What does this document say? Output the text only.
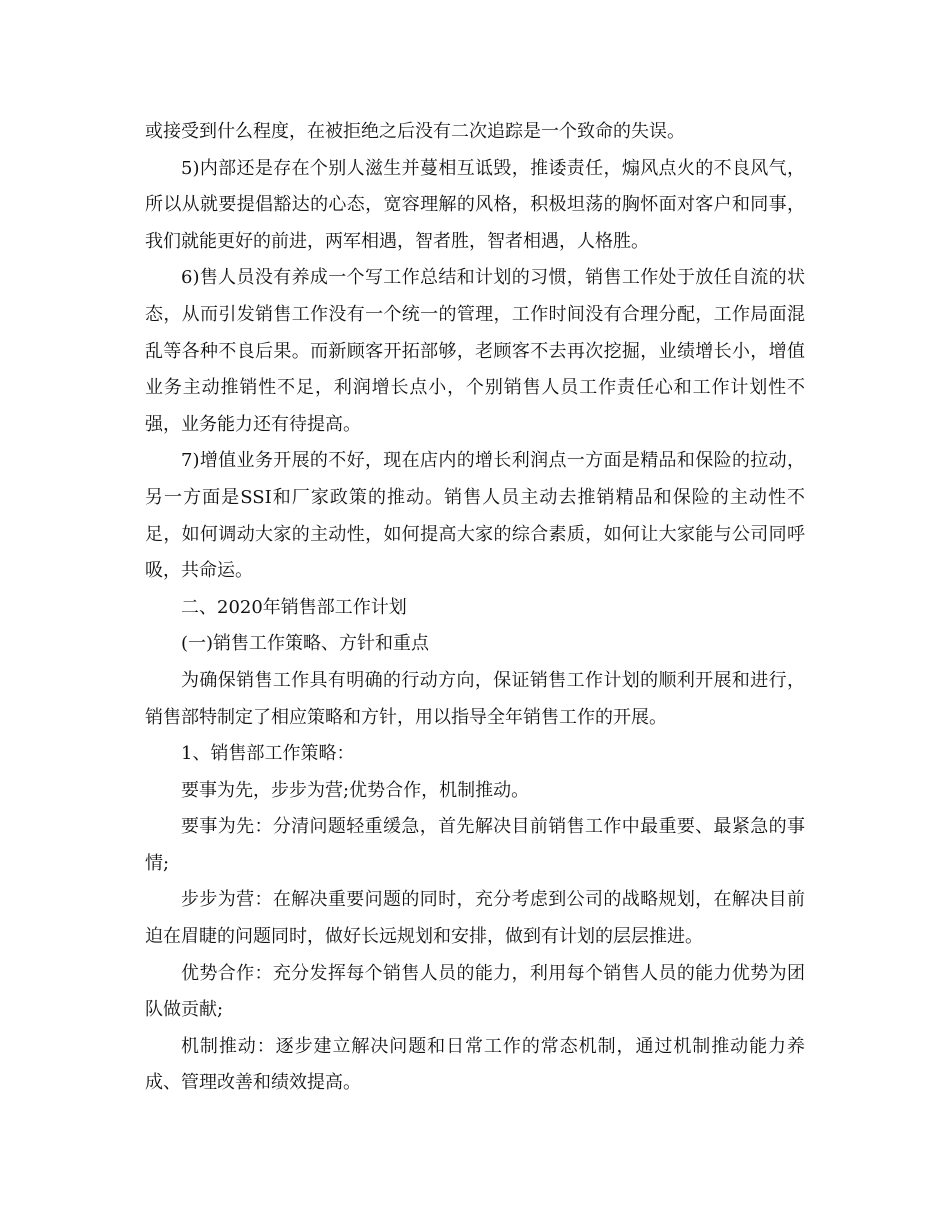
或接受到什么程度，在被拒绝之后没有二次追踪是一个致命的失误。

5)内部还是存在个别人滋生并蔓相互诋毁，推诿责任，煽风点火的不良风气，所以从就要提倡豁达的心态，宽容理解的风格，积极坦荡的胸怀面对客户和同事，我们就能更好的前进，两军相遇，智者胜，智者相遇，人格胜。

6)售人员没有养成一个写工作总结和计划的习惯，销售工作处于放任自流的状态，从而引发销售工作没有一个统一的管理，工作时间没有合理分配，工作局面混乱等各种不良后果。而新顾客开拓部够，老顾客不去再次挖掘，业绩增长小，增值业务主动推销性不足，利润增长点小，个别销售人员工作责任心和工作计划性不强，业务能力还有待提高。

7)增值业务开展的不好，现在店内的增长利润点一方面是精品和保险的拉动，另一方面是SSI和厂家政策的推动。销售人员主动去推销精品和保险的主动性不足，如何调动大家的主动性，如何提高大家的综合素质，如何让大家能与公司同呼吸，共命运。

二、2020年销售部工作计划

(一)销售工作策略、方针和重点

为确保销售工作具有明确的行动方向，保证销售工作计划的顺利开展和进行，销售部特制定了相应策略和方针，用以指导全年销售工作的开展。

1、销售部工作策略：

要事为先，步步为营;优势合作，机制推动。

要事为先：分清问题轻重缓急，首先解决目前销售工作中最重要、最紧急的事情;

步步为营：在解决重要问题的同时，充分考虑到公司的战略规划，在解决目前迫在眉睫的问题同时，做好长远规划和安排，做到有计划的层层推进。

优势合作：充分发挥每个销售人员的能力，利用每个销售人员的能力优势为团队做贡献;

机制推动：逐步建立解决问题和日常工作的常态机制，通过机制推动能力养成、管理改善和绩效提高。
